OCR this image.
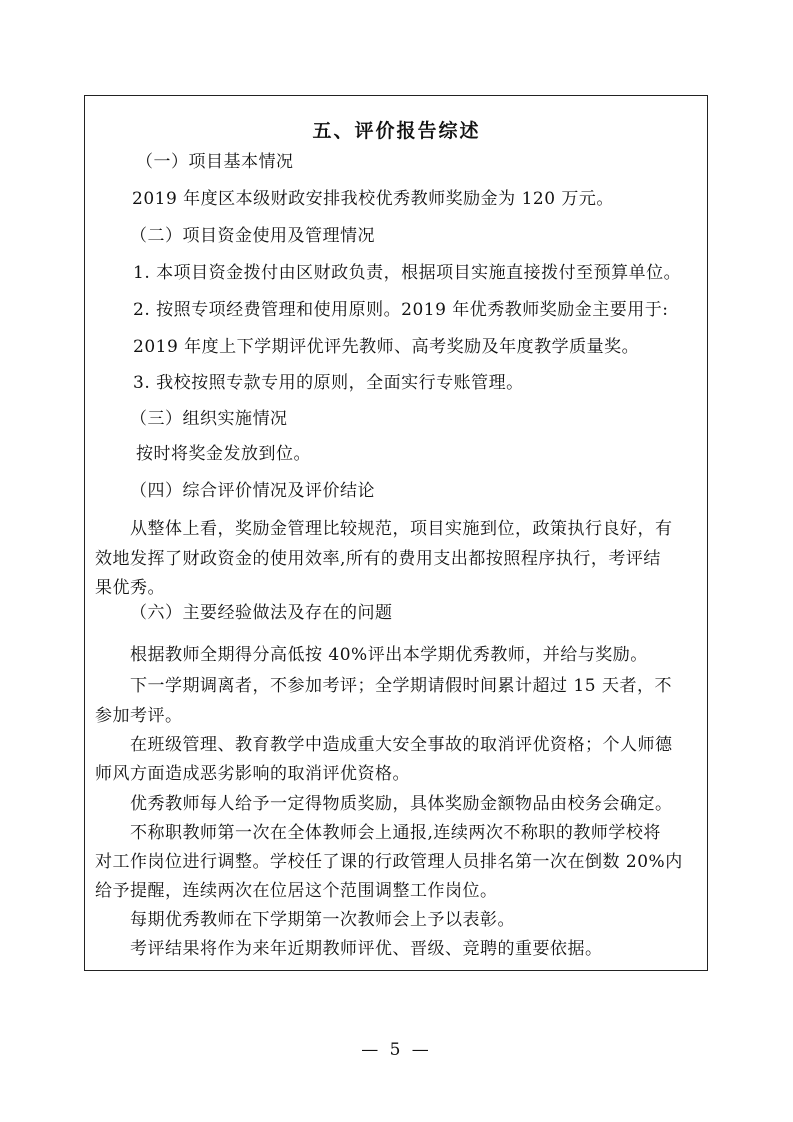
五、评价报告综述
（一）项目基本情况
2019 年度区本级财政安排我校优秀教师奖励金为 120 万元。
（二）项目资金使用及管理情况
1. 本项目资金拨付由区财政负责，根据项目实施直接拨付至预算单位。
2. 按照专项经费管理和使用原则。2019 年优秀教师奖励金主要用于:
2019 年度上下学期评优评先教师、高考奖励及年度教学质量奖。
3. 我校按照专款专用的原则，全面实行专账管理。
（三）组织实施情况
按时将奖金发放到位。
（四）综合评价情况及评价结论
从整体上看，奖励金管理比较规范，项目实施到位，政策执行良好，有
效地发挥了财政资金的使用效率,所有的费用支出都按照程序执行，考评结
果优秀。
（六）主要经验做法及存在的问题
根据教师全期得分高低按 40%评出本学期优秀教师，并给与奖励。
下一学期调离者，不参加考评；全学期请假时间累计超过 15 天者，不
参加考评。
在班级管理、教育教学中造成重大安全事故的取消评优资格；个人师德
师风方面造成恶劣影响的取消评优资格。
优秀教师每人给予一定得物质奖励，具体奖励金额物品由校务会确定。
不称职教师第一次在全体教师会上通报,连续两次不称职的教师学校将
对工作岗位进行调整。学校任了课的行政管理人员排名第一次在倒数 20%内
给予提醒，连续两次在位居这个范围调整工作岗位。
每期优秀教师在下学期第一次教师会上予以表彰。
考评结果将作为来年近期教师评优、晋级、竞聘的重要依据。
— 5 —
